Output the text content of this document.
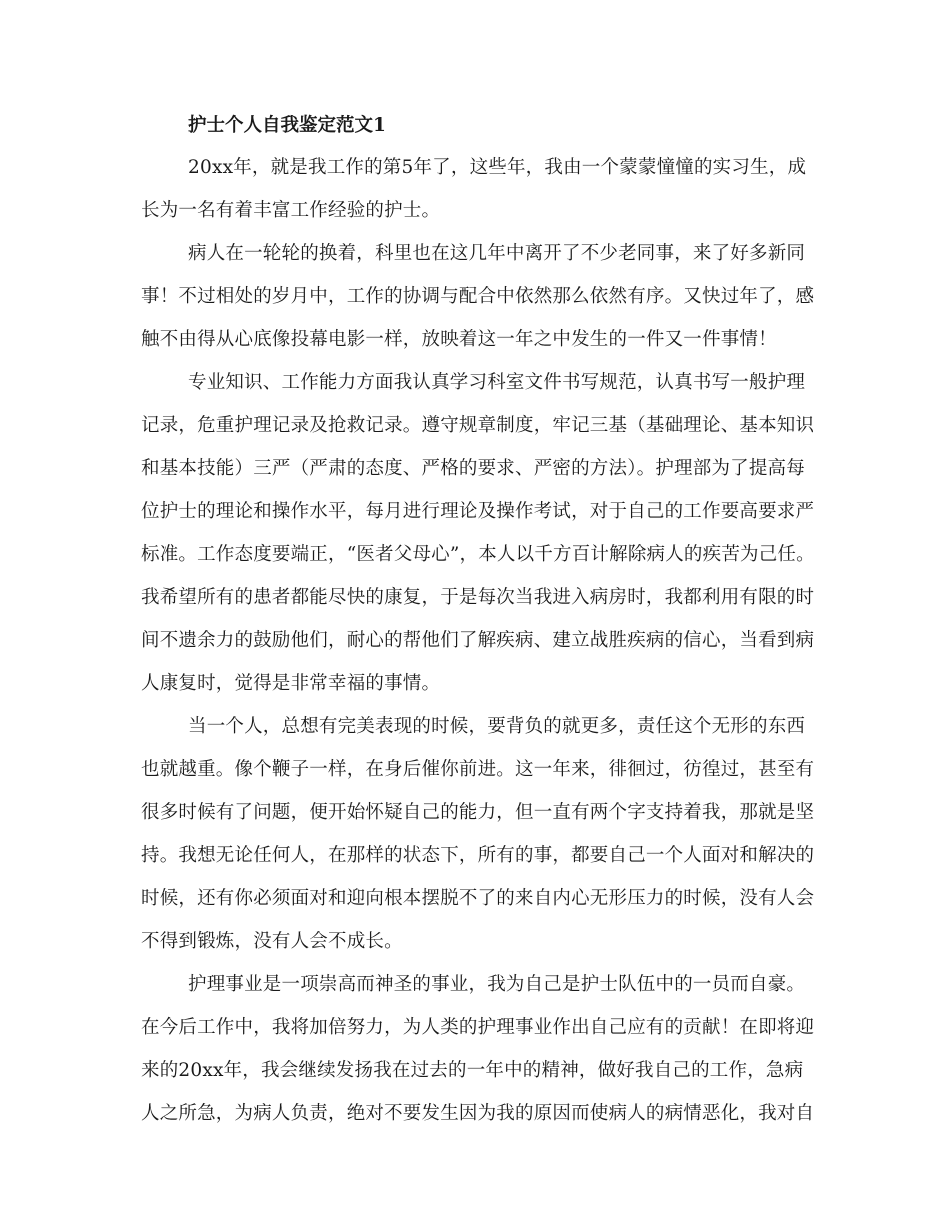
护士个人自我鉴定范文1
20xx年，就是我工作的第5年了，这些年，我由一个蒙蒙憧憧的实习生，成
长为一名有着丰富工作经验的护士。
病人在一轮轮的换着，科里也在这几年中离开了不少老同事，来了好多新同
事！不过相处的岁月中，工作的协调与配合中依然那么依然有序。又快过年了，感
触不由得从心底像投幕电影一样，放映着这一年之中发生的一件又一件事情！
专业知识、工作能力方面我认真学习科室文件书写规范，认真书写一般护理
记录，危重护理记录及抢救记录。遵守规章制度，牢记三基（基础理论、基本知识
和基本技能）三严（严肃的态度、严格的要求、严密的方法）。护理部为了提高每
位护士的理论和操作水平，每月进行理论及操作考试，对于自己的工作要高要求严
标准。工作态度要端正，“医者父母心”，本人以千方百计解除病人的疾苦为己任。
我希望所有的患者都能尽快的康复，于是每次当我进入病房时，我都利用有限的时
间不遗余力的鼓励他们，耐心的帮他们了解疾病、建立战胜疾病的信心，当看到病
人康复时，觉得是非常幸福的事情。
当一个人，总想有完美表现的时候，要背负的就更多，责任这个无形的东西
也就越重。像个鞭子一样，在身后催你前进。这一年来，徘徊过，彷徨过，甚至有
很多时候有了问题，便开始怀疑自己的能力，但一直有两个字支持着我，那就是坚
持。我想无论任何人，在那样的状态下，所有的事，都要自己一个人面对和解决的
时候，还有你必须面对和迎向根本摆脱不了的来自内心无形压力的时候，没有人会
不得到锻炼，没有人会不成长。
护理事业是一项崇高而神圣的事业，我为自己是护士队伍中的一员而自豪。
在今后工作中，我将加倍努力，为人类的护理事业作出自己应有的贡献！在即将迎
来的20xx年，我会继续发扬我在过去的一年中的精神，做好我自己的工作，急病
人之所急，为病人负责，绝对不要发生因为我的原因而使病人的病情恶化，我对自
